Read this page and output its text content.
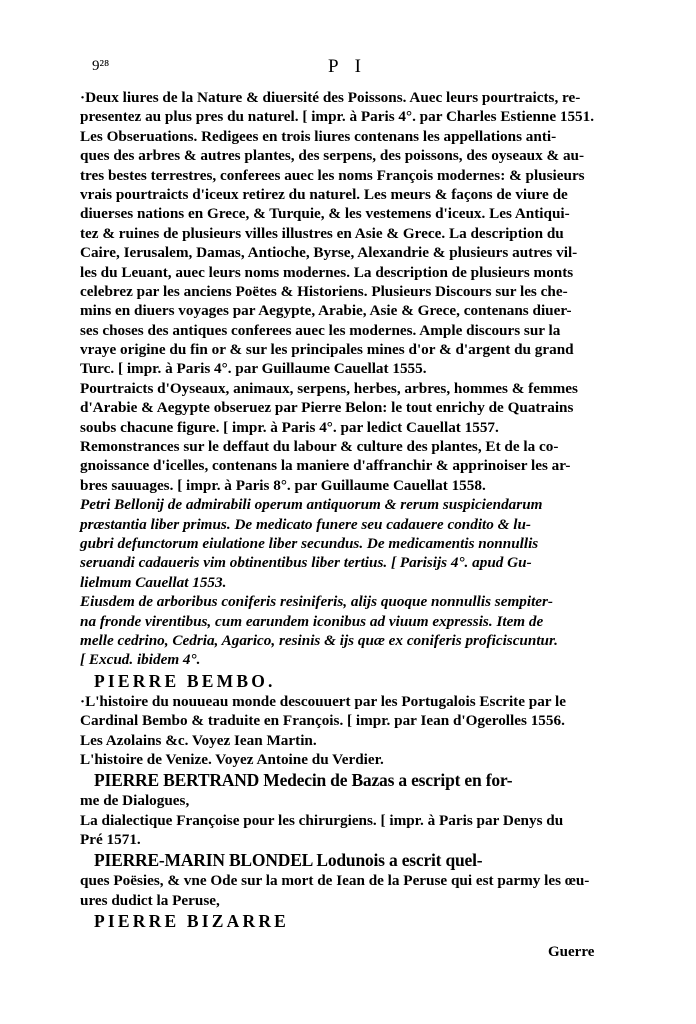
9²⁸	P I
·Deux liures de la Nature & diuersité des Poissons. Auec leurs pourtraicts, re-
presentez au plus pres du naturel. [ impr. à Paris 4°. par Charles Estienne 1551.
Les Obseruations. Redigees en trois liures contenans les appellations anti-
ques des arbres & autres plantes, des serpens, des poissons, des oyseaux & au-
tres bestes terrestres, conferees auec les noms François modernes: & plusieurs
vrais pourtraicts d'iceux retirez du naturel. Les meurs & façons de viure de
diuerses nations en Grece, & Turquie, & les vestemens d'iceux. Les Antiqui-
tez & ruines de plusieurs villes illustres en Asie & Grece. La description du
Caire, Ierusalem, Damas, Antioche, Byrse, Alexandrie & plusieurs autres vil-
les du Leuant, auec leurs noms modernes. La description de plusieurs monts
celebrez par les anciens Poëtes & Historiens. Plusieurs Discours sur les che-
mins en diuers voyages par Aegypte, Arabie, Asie & Grece, contenans diuer-
ses choses des antiques conferees auec les modernes. Ample discours sur la
vraye origine du fin or & sur les principales mines d'or & d'argent du grand
Turc. [ impr. à Paris 4°. par Guillaume Cauellat 1555.
Pourtraicts d'Oyseaux, animaux, serpens, herbes, arbres, hommes & femmes
d'Arabie & Aegypte obseruez par Pierre Belon: le tout enrichy de Quatrains
soubs chacune figure. [ impr. à Paris 4°. par ledict Cauellat 1557.
Remonstrances sur le deffaut du labour & culture des plantes, Et de la co-
gnoissance d'icelles, contenans la maniere d'affranchir & apprinoiser les ar-
bres sauuages. [ impr. à Paris 8°. par Guillaume Cauellat 1558.
Petri Bellonij de admirabili operum antiquorum & rerum suspiciendarum
præstantia liber primus. De medicato funere seu cadauere condito & lu-
gubri defunctorum eiulatione liber secundus. De medicamentis nonnullis
seruandi cadaueris vim obtinentibus liber tertius. [ Parisijs 4°. apud Gu-
lielmum Cauellat 1553.
Eiusdem de arboribus coniferis resiniferis, alijs quoque nonnullis sempiter-
na fronde virentibus, cum earundem iconibus ad viuum expressis. Item de
melle cedrino, Cedria, Agarico, resinis & ijs quæ ex coniferis proficiscuntur.
[ Excud. ibidem 4°.
PIERRE BEMBO.
·L'histoire du nouueau monde descouuert par les Portugalois Escrite par le
Cardinal Bembo & traduite en François. [ impr. par Iean d'Ogerolles 1556.
Les Azolains &c. Voyez Iean Martin.
L'histoire de Venize. Voyez Antoine du Verdier.
PIERRE BERTRAND Medecin de Bazas a escript en for-
me de Dialogues,
La dialectique Françoise pour les chirurgiens. [ impr. à Paris par Denys du
Pré 1571.
PIERRE-MARIN BLONDEL Lodunois a escrit quel-
ques Poësies, & vne Ode sur la mort de Iean de la Peruse qui est parmy les œu-
ures dudict la Peruse,
PIERRE BIZARRE
Guerre
